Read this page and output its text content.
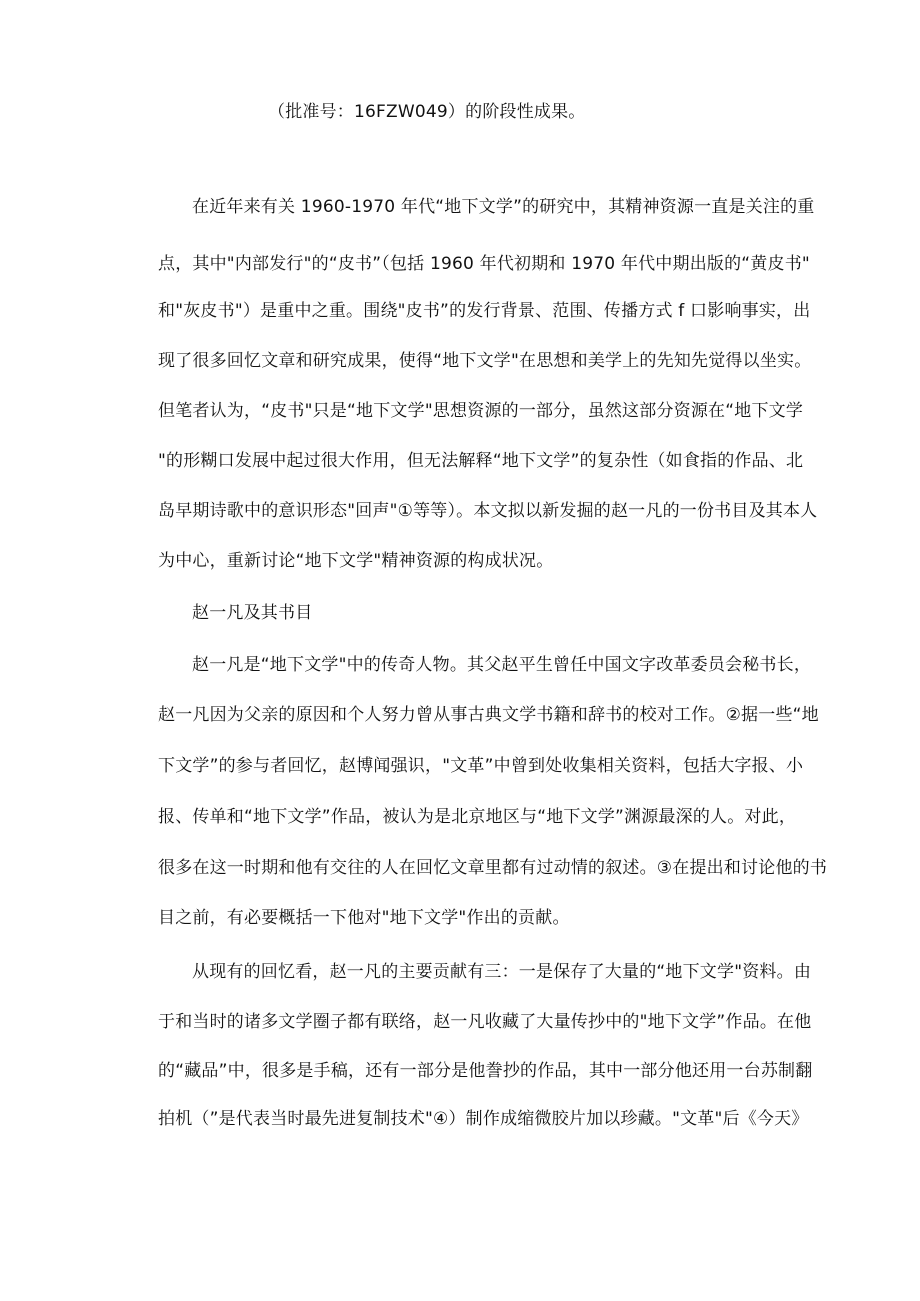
（批准号：16FZW049）的阶段性成果。
在近年来有关 1960-1970 年代“地下文学”的研究中，其精神资源一直是关注的重
点，其中"内部发行"的“皮书”（包括 1960 年代初期和 1970 年代中期出版的“黄皮书"
和"灰皮书"）是重中之重。围绕"皮书”的发行背景、范围、传播方式 f 口影响事实，出
现了很多回忆文章和研究成果，使得“地下文学"在思想和美学上的先知先觉得以坐实。
但笔者认为，“皮书"只是“地下文学"思想资源的一部分，虽然这部分资源在“地下文学
"的形糊口发展中起过很大作用，但无法解释“地下文学”的复杂性（如食指的作品、北
岛早期诗歌中的意识形态"回声"①等等）。本文拟以新发掘的赵一凡的一份书目及其本人
为中心，重新讨论“地下文学"精神资源的构成状况。
赵一凡及其书目
赵一凡是“地下文学"中的传奇人物。其父赵平生曾任中国文字改革委员会秘书长，
赵一凡因为父亲的原因和个人努力曾从事古典文学书籍和辞书的校对工作。②据一些“地
下文学”的参与者回忆，赵博闻强识，"文革”中曾到处收集相关资料，包括大字报、小
报、传单和“地下文学”作品，被认为是北京地区与“地下文学”渊源最深的人。对此，
很多在这一时期和他有交往的人在回忆文章里都有过动情的叙述。③在提出和讨论他的书
目之前，有必要概括一下他对"地下文学"作出的贡献。
从现有的回忆看，赵一凡的主要贡献有三：一是保存了大量的“地下文学"资料。由
于和当时的诸多文学圈子都有联络，赵一凡收藏了大量传抄中的"地下文学”作品。在他
的“藏品”中，很多是手稿，还有一部分是他誊抄的作品，其中一部分他还用一台苏制翻
拍机（”是代表当时最先进复制技术"④）制作成缩微胶片加以珍藏。"文革"后《今天》
